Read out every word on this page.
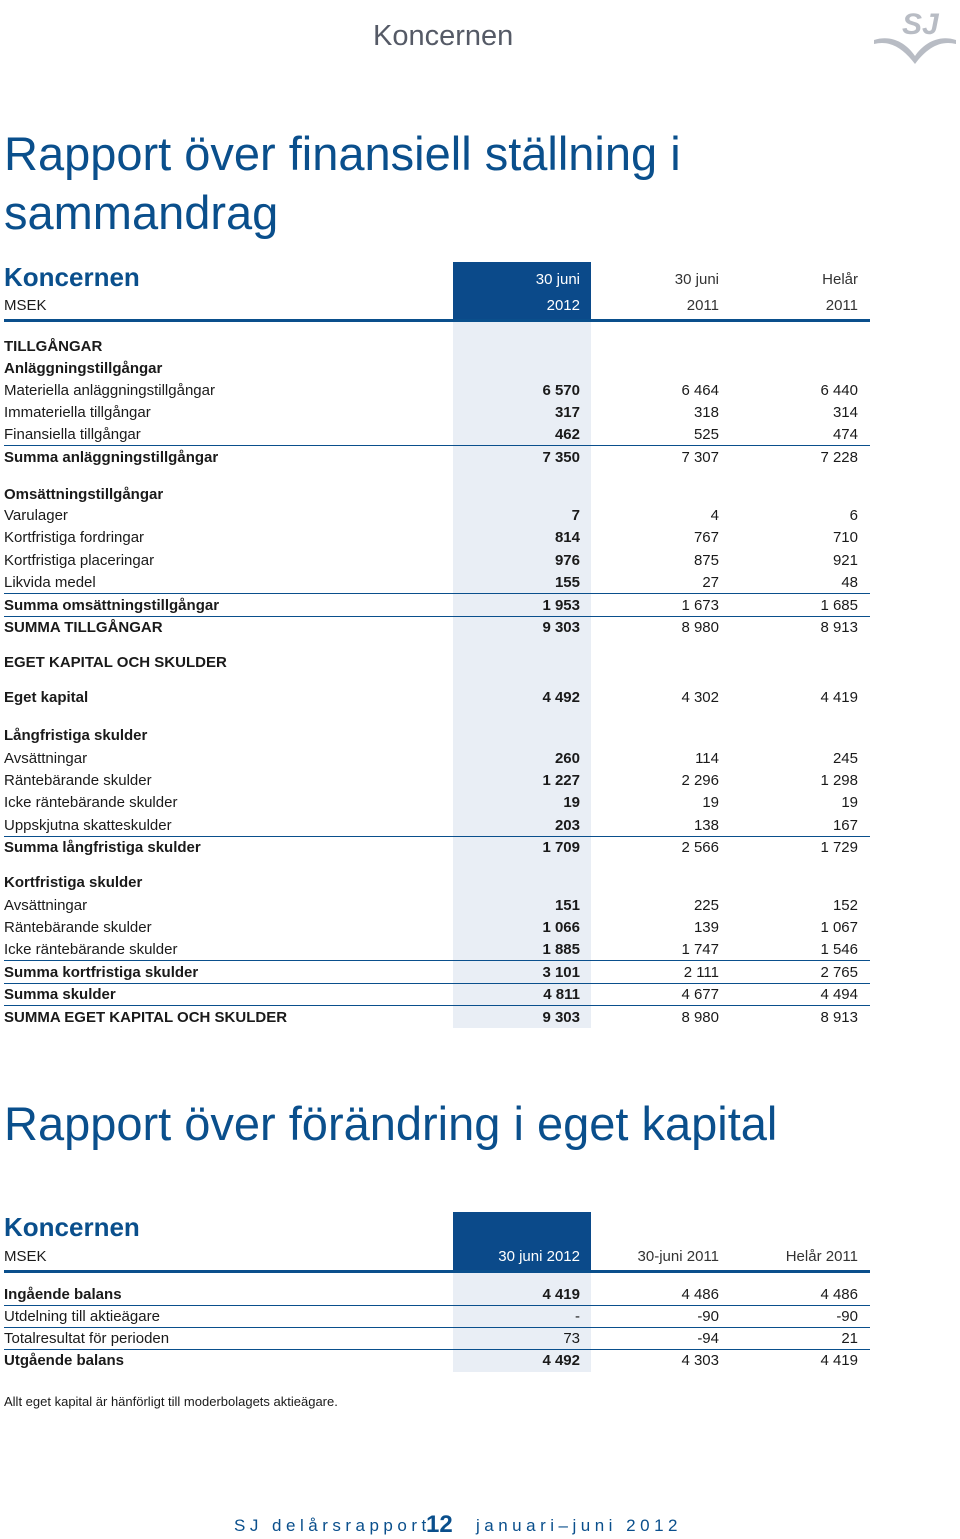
Koncernen	S J
Rapport över finansiell ställning i
sammandrag
Koncernen	30 juni	30 juni	Helår
MSEK	2012	2011	2011
TILLGÅNGAR
Anläggningstillgångar
Materiella anläggningstillgångar	6 570	6 464	6 440
Immateriella tillgångar	317	318	314
Finansiella tillgångar	462	525	474
Summa anläggningstillgångar	7 350	7 307	7 228
Omsättningstillgångar
Varulager	7	4	6
Kortfristiga fordringar	814	767	710
Kortfristiga placeringar	976	875	921
Likvida medel	155	27	48
Summa omsättningstillgångar	1 953	1 673	1 685
SUMMA TILLGÅNGAR	9 303	8 980	8 913
EGET KAPITAL OCH SKULDER
Eget kapital	4 492	4 302	4 419
Långfristiga skulder
Avsättningar	260	114	245
Räntebärande skulder	1 227	2 296	1 298
Icke räntebärande skulder	19	19	19
Uppskjutna skatteskulder	203	138	167
Summa långfristiga skulder	1 709	2 566	1 729
Kortfristiga skulder
Avsättningar	151	225	152
Räntebärande skulder	1 066	139	1 067
Icke räntebärande skulder	1 885	1 747	1 546
Summa kortfristiga skulder	3 101	2 111	2 765
Summa skulder	4 811	4 677	4 494
SUMMA EGET KAPITAL OCH SKULDER	9 303	8 980	8 913
Rapport över förändring i eget kapital
Koncernen
MSEK	30 juni 2012	30-juni 2011	Helår 2011
Ingående balans	4 419	4 486	4 486
Utdelning till aktieägare	-	-90	-90
Totalresultat för perioden	73	-94	21
Utgående balans	4 492	4 303	4 419
Allt eget kapital är hänförligt till moderbolagets aktieägare.
SJ delårsrapport
12 januari–juni 2012
